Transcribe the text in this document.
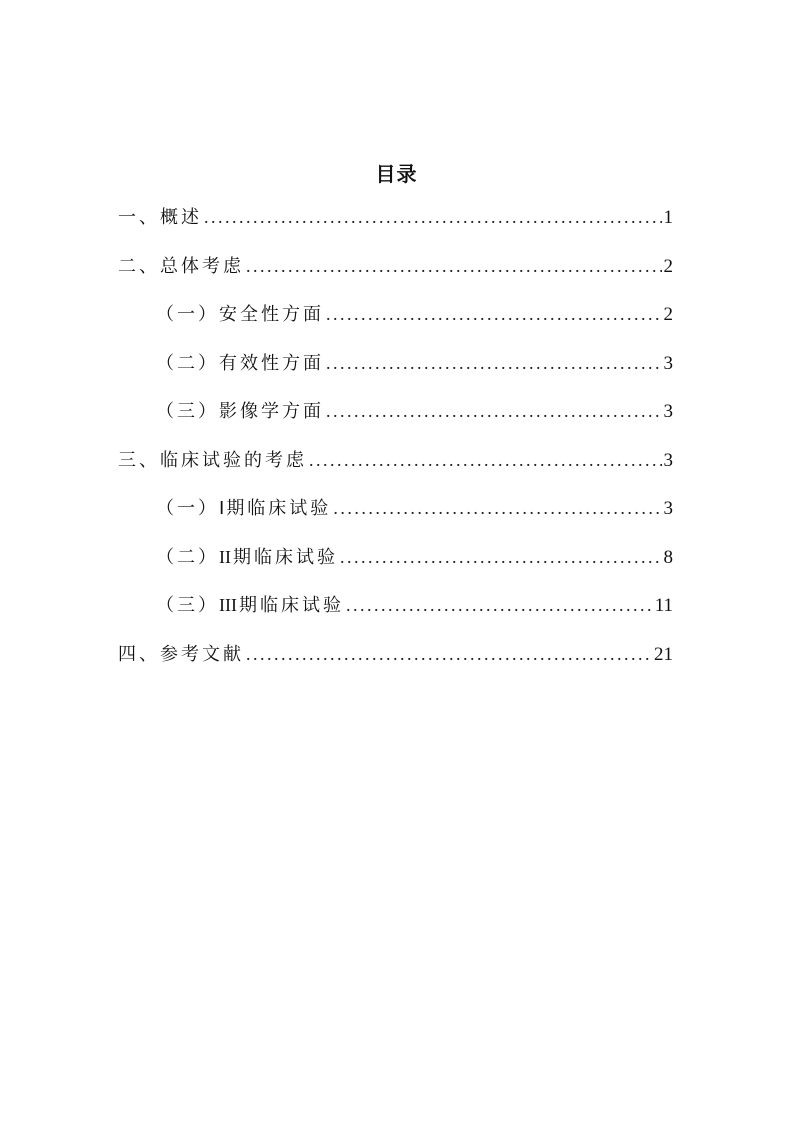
目录
一、概述 . . .	1
二、总体考虑 . . .	2
（一）安全性方面 . . .	2
（二）有效性方面 . . .	3
（三）影像学方面 . . .	3
三、临床试验的考虑 . . .	3
（一）Ⅰ 期临床试验 . . .	3
（二）II 期临床试验 . . .	8
（三）III 期临床试验 . . .	11
四、参考文献 . . .	21
